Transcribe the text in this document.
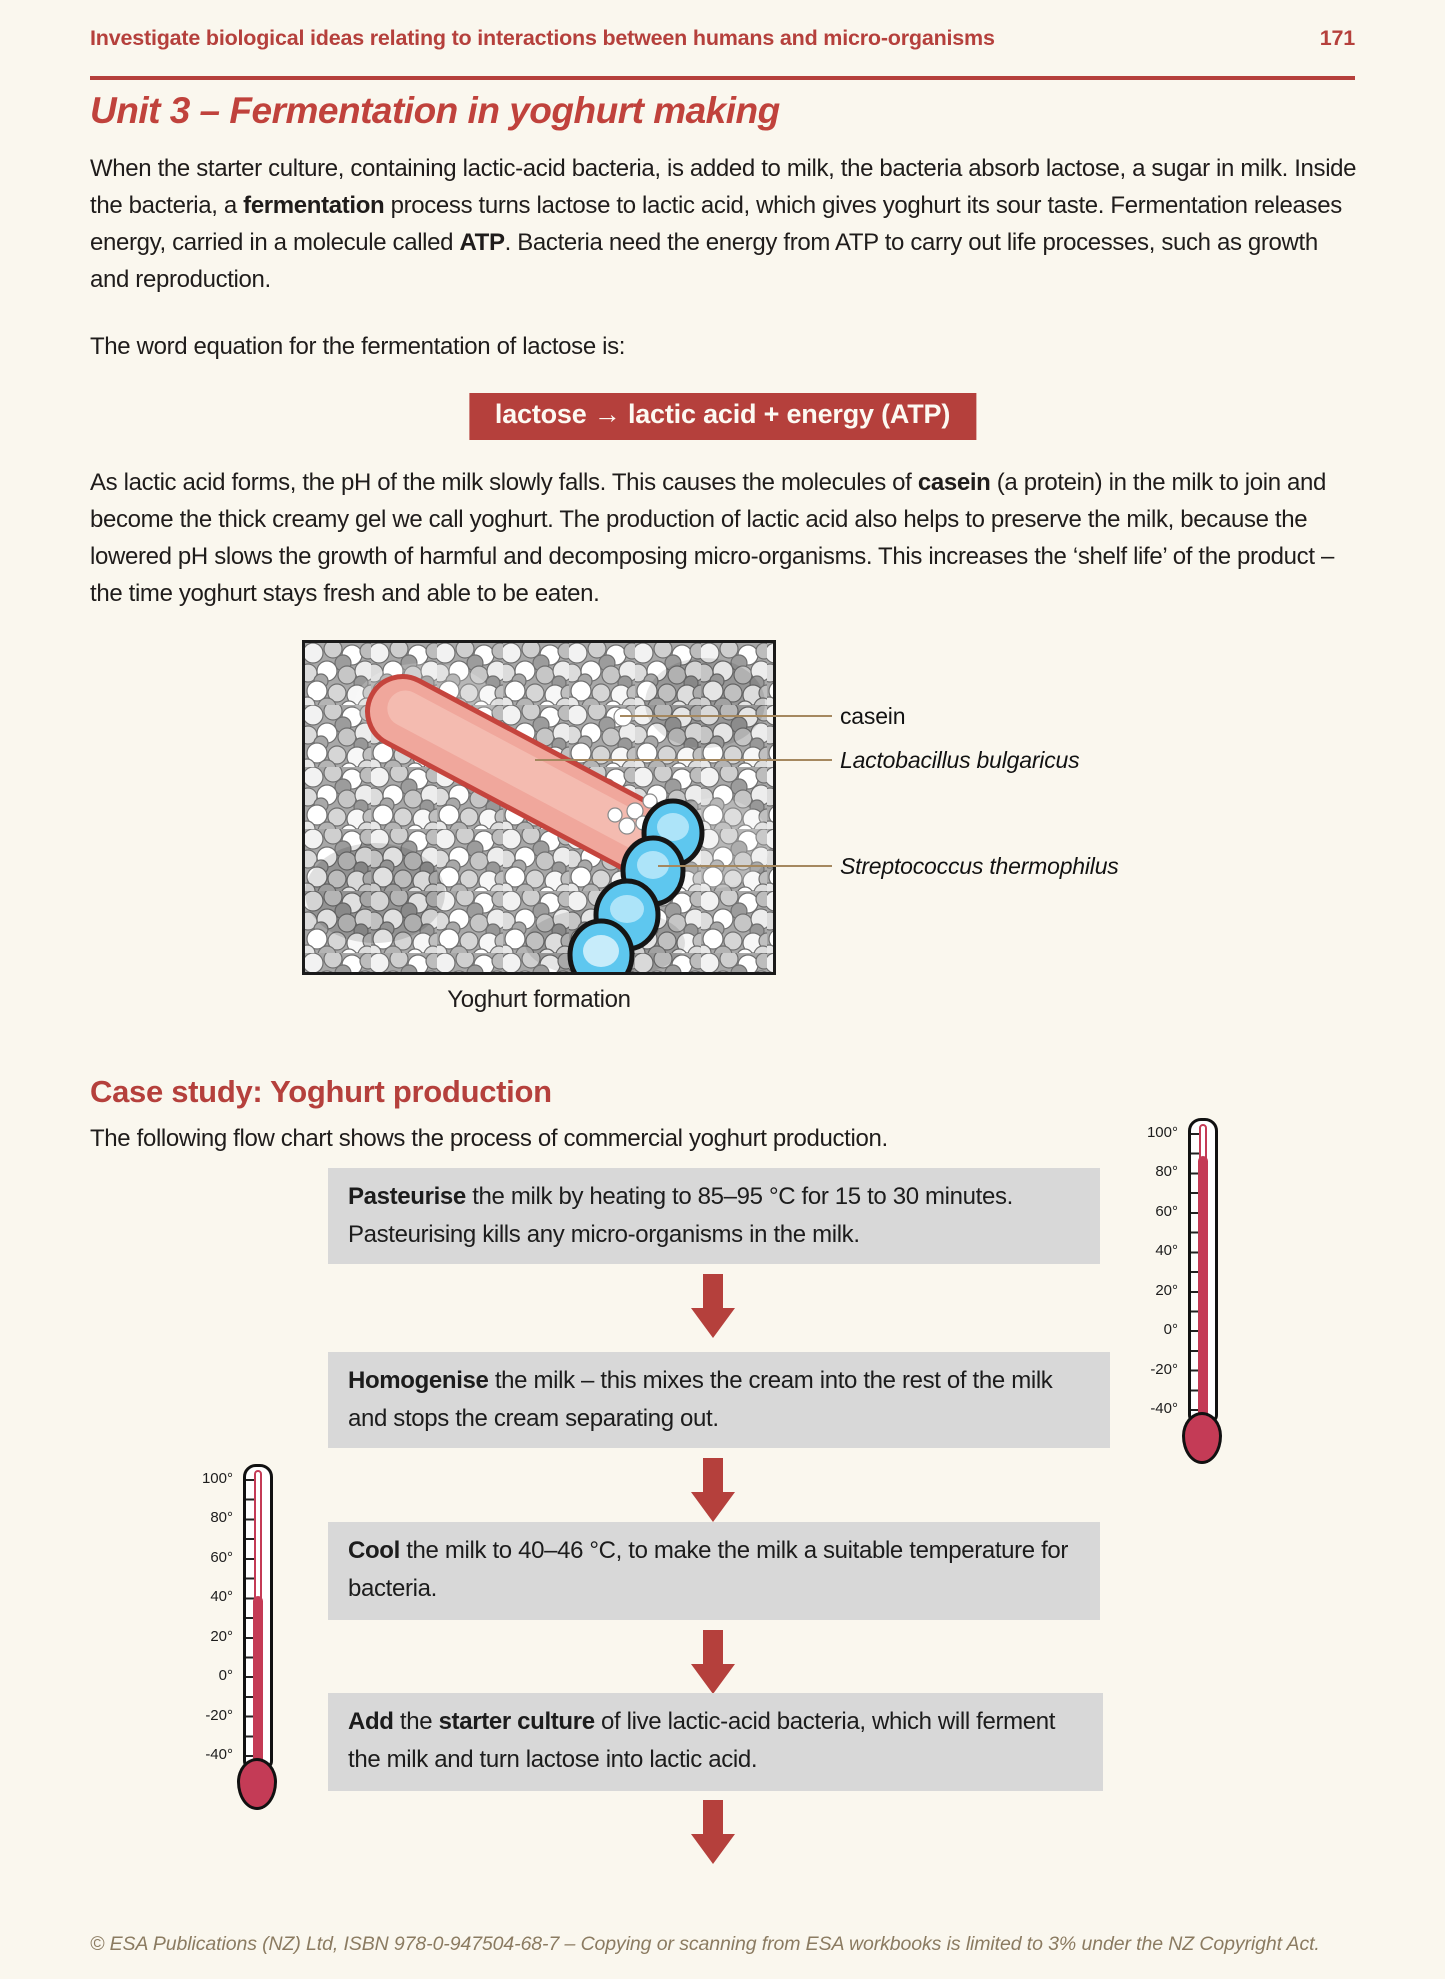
Investigate biological ideas relating to interactions between humans and micro-organisms	171
Unit 3 – Fermentation in yoghurt making

When the starter culture, containing lactic-acid bacteria, is added to milk, the bacteria absorb lactose, a sugar in milk. Inside the bacteria, a fermentation process turns lactose to lactic acid, which gives yoghurt its sour taste. Fermentation releases energy, carried in a molecule called ATP. Bacteria need the energy from ATP to carry out life processes, such as growth and reproduction.

The word equation for the fermentation of lactose is:

lactose → lactic acid + energy (ATP)

As lactic acid forms, the pH of the milk slowly falls. This causes the molecules of casein (a protein) in the milk to join and become the thick creamy gel we call yoghurt. The production of lactic acid also helps to preserve the milk, because the lowered pH slows the growth of harmful and decomposing micro-organisms. This increases the ‘shelf life’ of the product – the time yoghurt stays fresh and able to be eaten.

casein
Lactobacillus bulgaricus
Streptococcus thermophilus
Yoghurt formation
Case study: Yoghurt production

The following flow chart shows the process of commercial yoghurt production.	100°
80°
60°
40°
20°
0°
-20°
-40°
100°
80°
60°
40°
20°
0°
-20°
-40°
Pasteurise the milk by heating to 85–95 °C for 15 to 30 minutes. Pasteurising kills any micro-organisms in the milk.
Homogenise the milk – this mixes the cream into the rest of the milk and stops the cream separating out.
Cool the milk to 40–46 °C, to make the milk a suitable temperature for bacteria.
Add the starter culture of live lactic-acid bacteria, which will ferment the milk and turn lactose into lactic acid.
© ESA Publications (NZ) Ltd, ISBN 978-0-947504-68-7 – Copying or scanning from ESA workbooks is limited to 3% under the NZ Copyright Act.
